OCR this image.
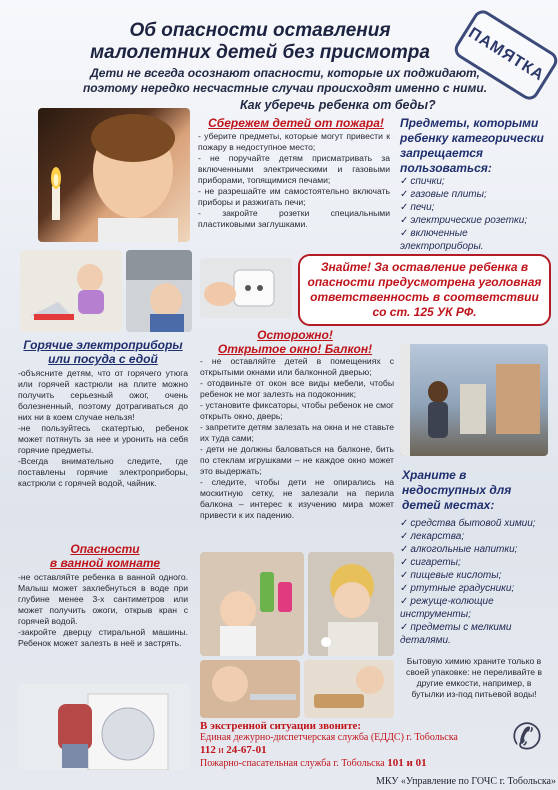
Об опасности оставления
малолетних детей без присмотра	ПАМЯТКА
Дети не всегда осознают опасности, которые их поджидают,
поэтому нередко несчастные случаи происходят именно с ними.
Как уберечь ребенка от беды?
Сбережем детей от пожара!
- уберите предметы, которые могут привести к пожару в недоступное место;
- не поручайте детям присматривать за включенными электрическими и газовыми приборами, топящимися печами;
- не разрешайте им самостоятельно включать приборы и разжигать печи;
- закройте розетки специальными пластиковыми заглушками.
Предметы, которыми ребенку категорически запрещается пользоваться:
✓ спички;
✓ газовые плиты;
✓ печи;
✓ электрические розетки;
✓ включенные электроприборы.
Знайте! За оставление ребенка в опасности предусмотрена уголовная ответственность в соответствии со ст. 125 УК РФ.
Горячие электроприборы
или посуда с едой
-объясните детям, что от горячего утюга или горячей кастрюли на плите можно получить серьезный ожог, очень болезненный, поэтому дотрагиваться до них ни в коем случае нельзя!
-не пользуйтесь скатертью, ребенок может потянуть за нее и уронить на себя горячие предметы.
-Всегда внимательно следите, где поставлены горячие электроприборы, кастрюли с горячей водой, чайник.
Осторожно!
Открытое окно! Балкон!
- не оставляйте детей в помещениях с открытыми окнами или балконной дверью;
- отодвиньте от окон все виды мебели, чтобы ребенок не мог залезть на подоконник;
- установите фиксаторы, чтобы ребенок не смог открыть окно, дверь;
- запретите детям залезать на окна и не ставьте их туда сами;
- дети не должны баловаться на балконе, бить по стеклам игрушками – не каждое окно может это выдержать;
- следите, чтобы дети не опирались на москитную сетку, не залезали на перила балкона – интерес к изучению мира может привести к их падению.
Опасности
в ванной комнате
-не оставляйте ребенка в ванной одного. Малыш может захлебнуться в воде при глубине менее 3-х сантиметров или может получить ожоги, открыв кран с горячей водой.
-закройте дверцу стиральной машины. Ребенок может залезть в неё и застрять.
Храните в недоступных для детей местах:
✓ средства бытовой химии;
✓ лекарства;
✓ алкогольные напитки;
✓ сигареты;
✓ пищевые кислоты;
✓ ртутные градусники;
✓ режуще-колющие инструменты;
✓ предметы с мелкими деталями.
Бытовую химию храните только в своей упаковке: не переливайте в другие емкости, например, в бутылки из-под питьевой воды!
В экстренной ситуации звоните:
Единая дежурно-диспетчерская служба (ЕДДС) г. Тобольска
112 и 24-67-01
Пожарно-спасательная служба г. Тобольска 101 и 01
✆
МКУ «Управление по ГОЧС г. Тобольска»
